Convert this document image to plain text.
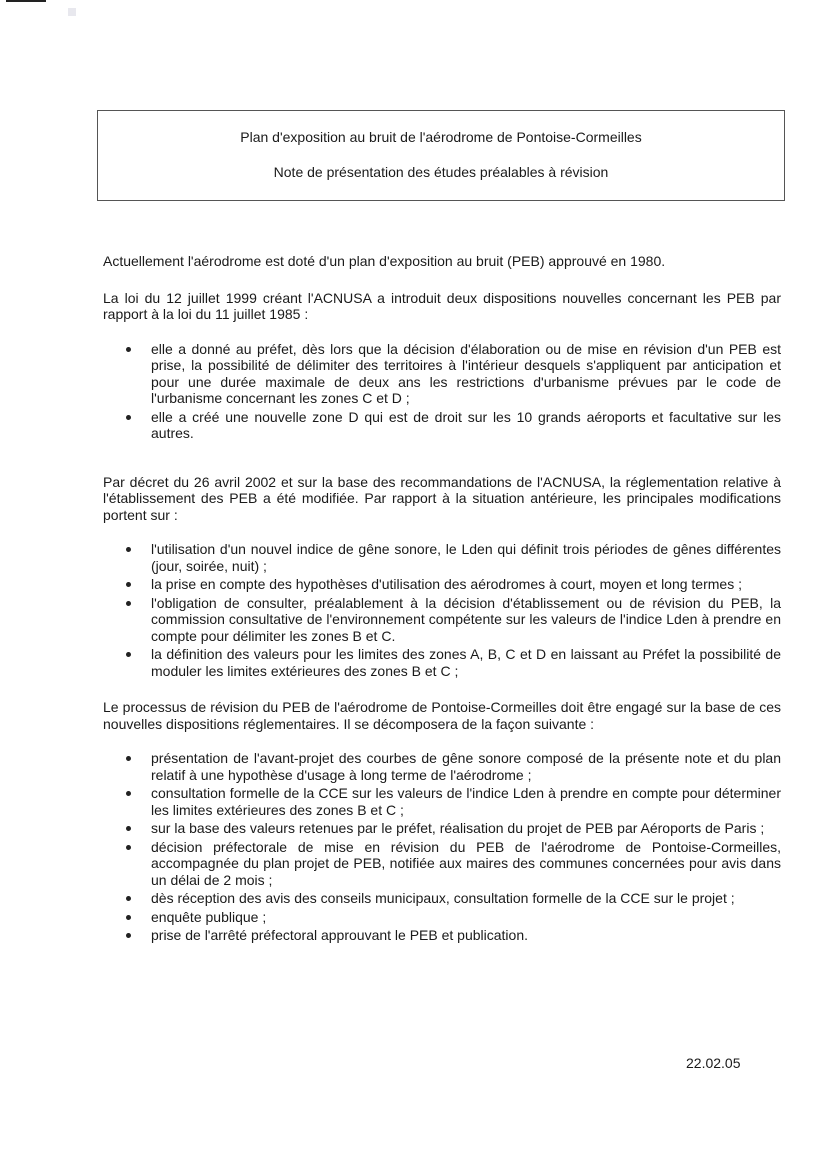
Plan d'exposition au bruit de l'aérodrome de Pontoise-Cormeilles
Note de présentation des études préalables à révision

Actuellement l'aérodrome est doté d'un plan d'exposition au bruit (PEB) approuvé en 1980.

La loi du 12 juillet 1999 créant l'ACNUSA a introduit deux dispositions nouvelles concernant les PEB par rapport à la loi du 11 juillet 1985 :

elle a donné au préfet, dès lors que la décision d'élaboration ou de mise en révision d'un PEB est prise, la possibilité de délimiter des territoires à l'intérieur desquels s'appliquent par anticipation et pour une durée maximale de deux ans les restrictions d'urbanisme prévues par le code de l'urbanisme concernant les zones C et D ;
elle a créé une nouvelle zone D qui est de droit sur les 10 grands aéroports et facultative sur les autres.

Par décret du 26 avril 2002 et sur la base des recommandations de l'ACNUSA, la réglementation relative à l'établissement des PEB a été modifiée. Par rapport à la situation antérieure, les principales modifications portent sur :

l'utilisation d'un nouvel indice de gêne sonore, le Lden qui définit trois périodes de gênes différentes (jour, soirée, nuit) ;
la prise en compte des hypothèses d'utilisation des aérodromes à court, moyen et long termes ;
l'obligation de consulter, préalablement à la décision d'établissement ou de révision du PEB, la commission consultative de l'environnement compétente sur les valeurs de l'indice Lden à prendre en compte pour délimiter les zones B et C.
la définition des valeurs pour les limites des zones A, B, C et D en laissant au Préfet la possibilité de moduler les limites extérieures des zones B et C ;

Le processus de révision du PEB de l'aérodrome de Pontoise-Cormeilles doit être engagé sur la base de ces nouvelles dispositions réglementaires. Il se décomposera de la façon suivante :

présentation de l'avant-projet des courbes de gêne sonore composé de la présente note et du plan relatif à une hypothèse d'usage à long terme de l'aérodrome ;
consultation formelle de la CCE sur les valeurs de l'indice Lden à prendre en compte pour déterminer les limites extérieures des zones B et C ;
sur la base des valeurs retenues par le préfet, réalisation du projet de PEB par Aéroports de Paris ;
décision préfectorale de mise en révision du PEB de l'aérodrome de Pontoise-Cormeilles, accompagnée du plan projet de PEB, notifiée aux maires des communes concernées pour avis dans un délai de 2 mois ;
dès réception des avis des conseils municipaux, consultation formelle de la CCE sur le projet ;
enquête publique ;
prise de l'arrêté préfectoral approuvant le PEB et publication.
22.02.05
